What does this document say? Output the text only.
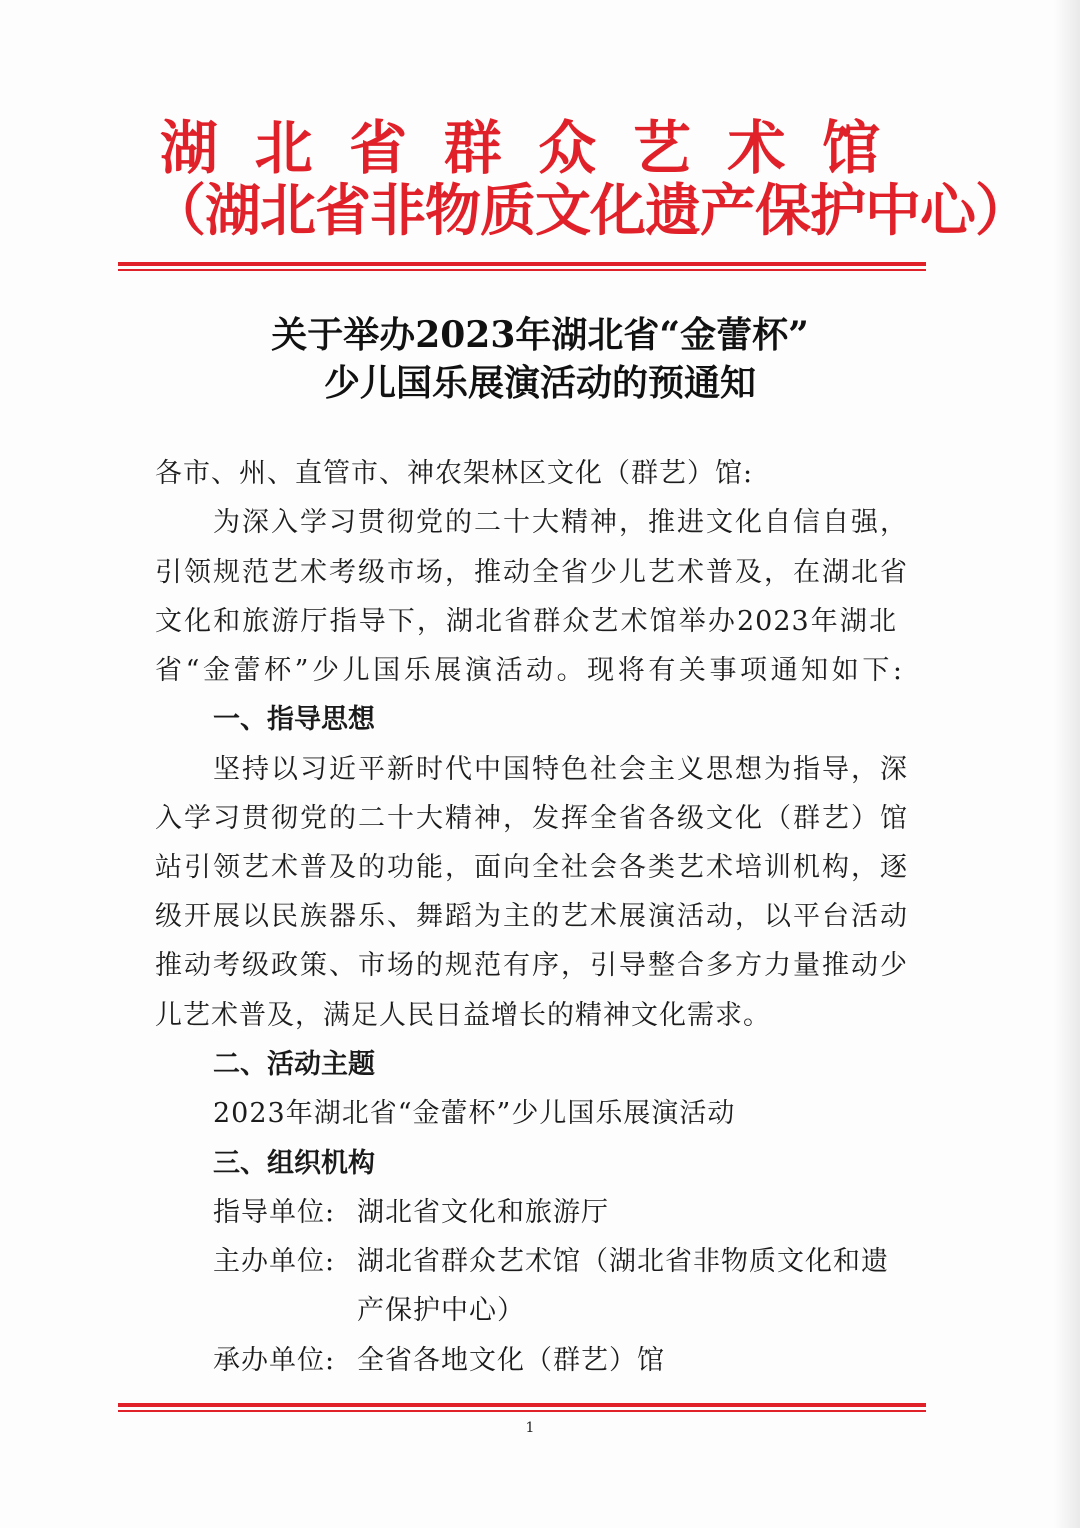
湖 北 省 群 众 艺 术 馆
（湖北省非物质文化遗产保护中心）
关于举办2023年湖北省“金蕾杯”
少儿国乐展演活动的预通知
各市、州、直管市、神农架林区文化（群艺）馆:
为深入学习贯彻党的二十大精神，推进文化自信自强，
引领规范艺术考级市场，推动全省少儿艺术普及，在湖北省
文化和旅游厅指导下，湖北省群众艺术馆举办2023年湖北
省“金蕾杯”少儿国乐展演活动。现将有关事项通知如下:
一、指导思想
坚持以习近平新时代中国特色社会主义思想为指导，深
入学习贯彻党的二十大精神，发挥全省各级文化（群艺）馆
站引领艺术普及的功能，面向全社会各类艺术培训机构，逐
级开展以民族器乐、舞蹈为主的艺术展演活动，以平台活动
推动考级政策、市场的规范有序，引导整合多方力量推动少
儿艺术普及，满足人民日益增长的精神文化需求。
二、活动主题
2023年湖北省“金蕾杯”少儿国乐展演活动
三、组织机构
指导单位: 湖北省文化和旅游厅
主办单位: 湖北省群众艺术馆（湖北省非物质文化和遗
产保护中心）
承办单位: 全省各地文化（群艺）馆
1
